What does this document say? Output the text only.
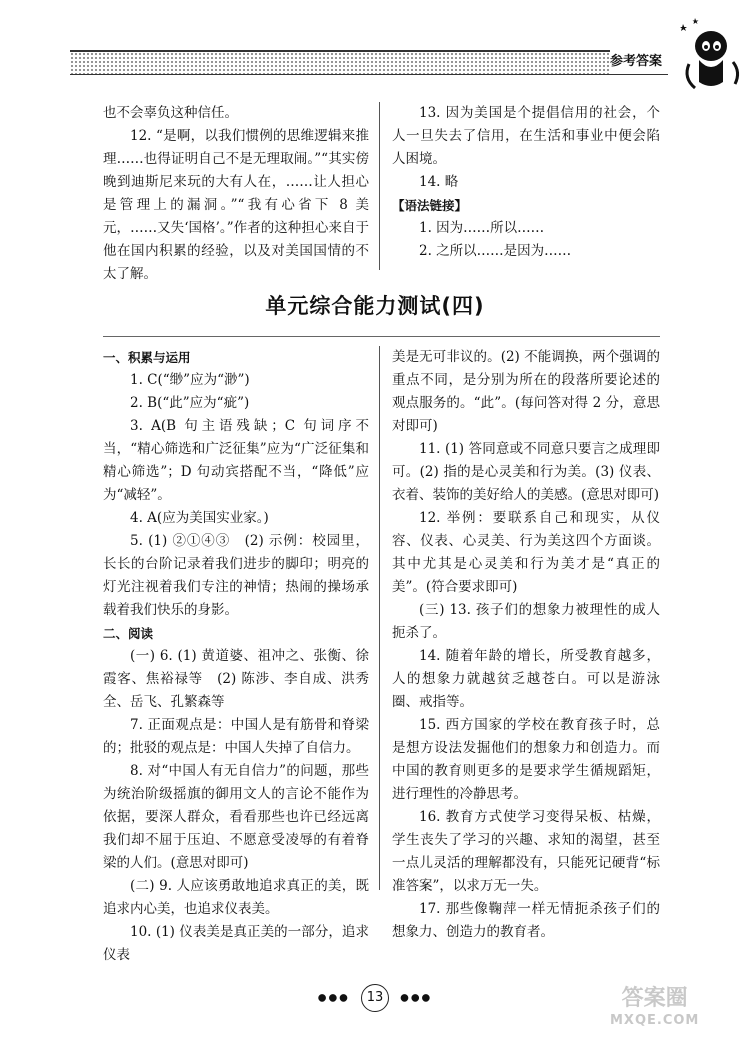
参考答案

也不会辜负这种信任。

12. “是啊，以我们惯例的思维逻辑来推理……也得证明自己不是无理取闹。”“其实傍晚到迪斯尼来玩的大有人在，……让人担心是管理上的漏洞。”“我有心省下 8 美元，……又失‘国格’。”作者的这种担心来自于他在国内积累的经验，以及对美国国情的不太了解。

13. 因为美国是个提倡信用的社会，个人一旦失去了信用，在生活和事业中便会陷人困境。

14. 略

【语法链接】

1. 因为……所以……

2. 之所以……是因为……

单元综合能力测试(四)

一、积累与运用

1. C(“缈”应为“渺”)

2. B(“此”应为“疵”)

3. A(B 句主语残缺；C 句词序不当，“精心筛选和广泛征集”应为“广泛征集和精心筛选”；D 句动宾搭配不当，“降低”应为“减轻”。

4. A(应为美国实业家。)

5. (1) ②①④③　(2) 示例：校园里，长长的台阶记录着我们进步的脚印；明亮的灯光注视着我们专注的神情；热闹的操场承载着我们快乐的身影。

二、阅读

(一) 6. (1) 黄道婆、祖冲之、张衡、徐霞客、焦裕禄等　(2) 陈涉、李自成、洪秀全、岳飞、孔繁森等

7. 正面观点是：中国人是有筋骨和脊梁的；批驳的观点是：中国人失掉了自信力。

8. 对“中国人有无自信力”的问题，那些为统治阶级摇旗的御用文人的言论不能作为依据，要深人群众，看看那些也许已经远离我们却不屈于压迫、不愿意受凌辱的有着脊梁的人们。(意思对即可)

(二) 9. 人应该勇敢地追求真正的美，既追求内心美，也追求仪表美。

10. (1) 仪表美是真正美的一部分，追求仪表

美是无可非议的。(2) 不能调换，两个强调的重点不同，是分别为所在的段落所要论述的观点服务的。“此”。(每问答对得 2 分，意思对即可)

11. (1) 答同意或不同意只要言之成理即可。(2) 指的是心灵美和行为美。(3) 仪表、衣着、装饰的美好给人的美感。(意思对即可)

12. 举例：要联系自己和现实，从仪容、仪表、心灵美、行为美这四个方面谈。其中尤其是心灵美和行为美才是“真正的美”。(符合要求即可)

(三) 13. 孩子们的想象力被理性的成人扼杀了。

14. 随着年龄的增长，所受教育越多，人的想象力就越贫乏越苍白。可以是游泳圈、戒指等。

15. 西方国家的学校在教育孩子时，总是想方设法发掘他们的想象力和创造力。而中国的教育则更多的是要求学生循规蹈矩，进行理性的冷静思考。

16. 教育方式使学习变得呆板、枯燥，学生丧失了学习的兴趣、求知的渴望，甚至一点儿灵活的理解都没有，只能死记硬背“标准答案”，以求万无一失。

17. 那些像鞠萍一样无情扼杀孩子们的想象力、创造力的教育者。

●●● 13 ●●●	答案圈
MXQE.COM
